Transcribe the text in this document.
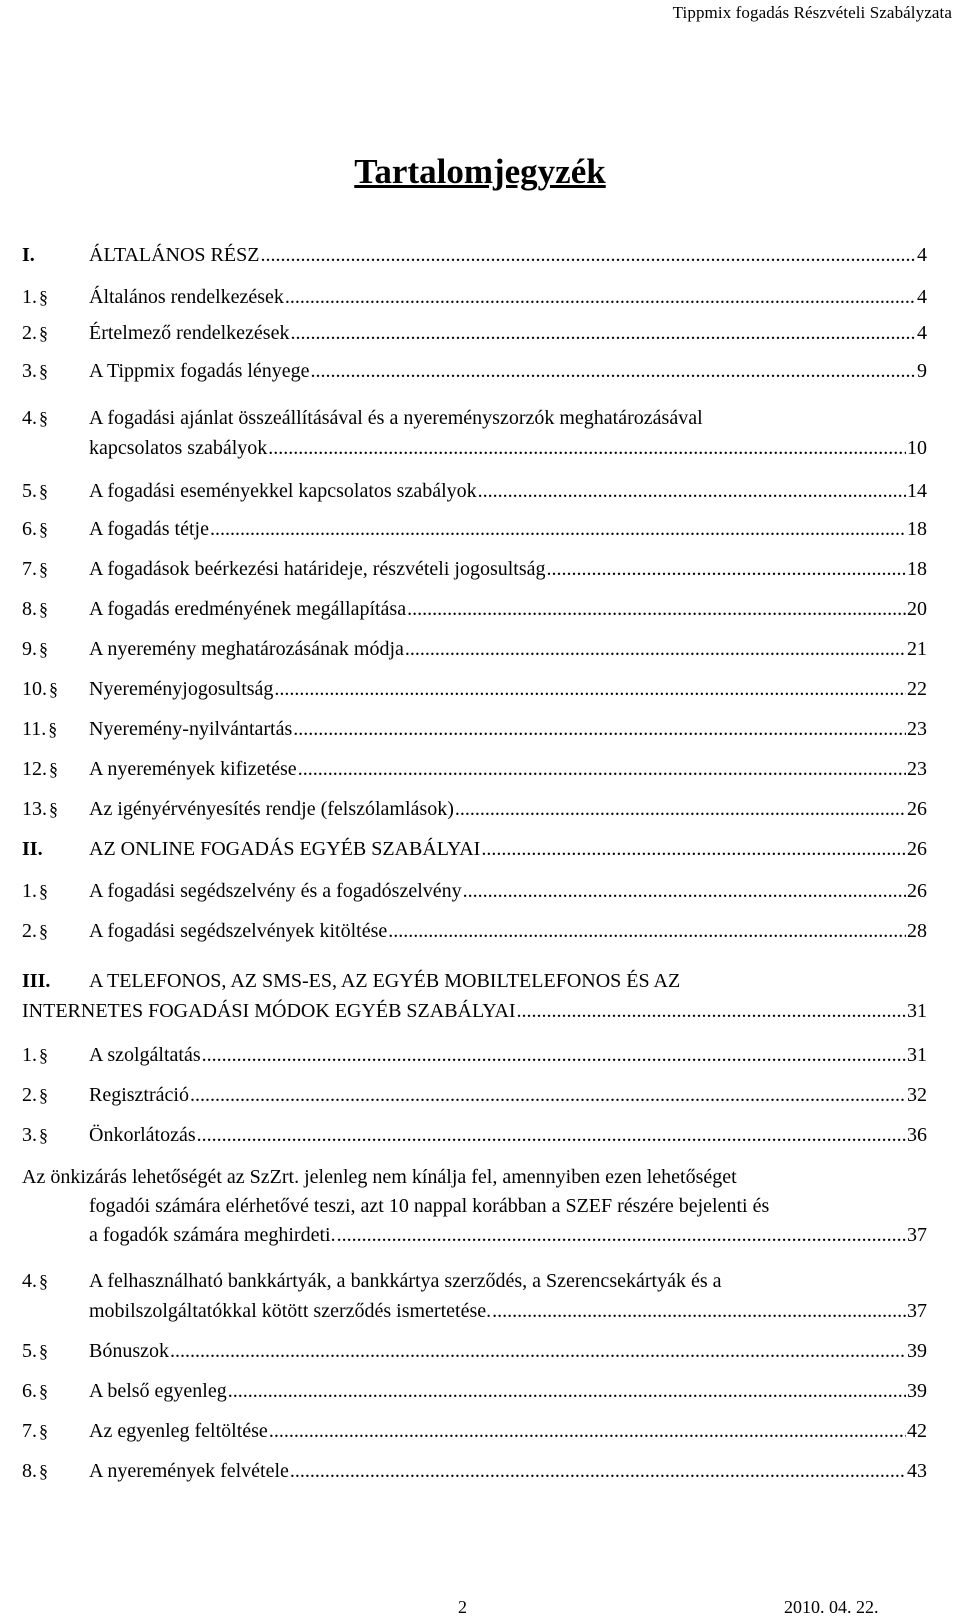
Tippmix fogadás Részvételi Szabályzata
Tartalomjegyzék
I.	ÁLTALÁNOS RÉSZ .....	4
1. § Általános rendelkezések .....	4
2. § Értelmező rendelkezések .....	4
3. § A Tippmix fogadás lényege .....	9
4. § A fogadási ajánlat összeállításával és a nyereményszorzók meghatározásával
kapcsolatos szabályok .....	10
5. § A fogadási eseményekkel kapcsolatos szabályok .....	14
6. § A fogadás tétje .....	18
7. § A fogadások beérkezési határideje, részvételi jogosultság .....	18
8. § A fogadás eredményének megállapítása .....	20
9. § A nyeremény meghatározásának módja .....	21
10. § Nyereményjogosultság .....	22
11. § Nyeremény-nyilvántartás .....	23
12. § A nyeremények kifizetése .....	23
13. § Az igényérvényesítés rendje (felszólamlások) .....	26
II. AZ ONLINE FOGADÁS EGYÉB SZABÁLYAI .....	26
1. § A fogadási segédszelvény és a fogadószelvény .....	26
2. § A fogadási segédszelvények kitöltése .....	28
III. A TELEFONOS, AZ SMS-ES, AZ EGYÉB MOBILTELEFONOS ÉS AZ
INTERNETES FOGADÁSI MÓDOK EGYÉB SZABÁLYAI .....	31
1. § A szolgáltatás .....	31
2. § Regisztráció .....	32
3. § Önkorlátozás .....	36
Az önkizárás lehetőségét az SzZrt. jelenleg nem kínálja fel, amennyiben ezen lehetőséget
fogadói számára elérhetővé teszi, azt 10 nappal korábban a SZEF részére bejelenti és
a fogadók számára meghirdeti. .....	37
4. § A felhasználható bankkártyák, a bankkártya szerződés, a Szerencsekártyák és a
mobilszolgáltatókkal kötött szerződés ismertetése. .....	37
5. § Bónuszok .....	39
6. § A belső egyenleg .....	39
7. § Az egyenleg feltöltése .....	42
8. § A nyeremények felvétele .....	43
2	2010. 04. 22.
